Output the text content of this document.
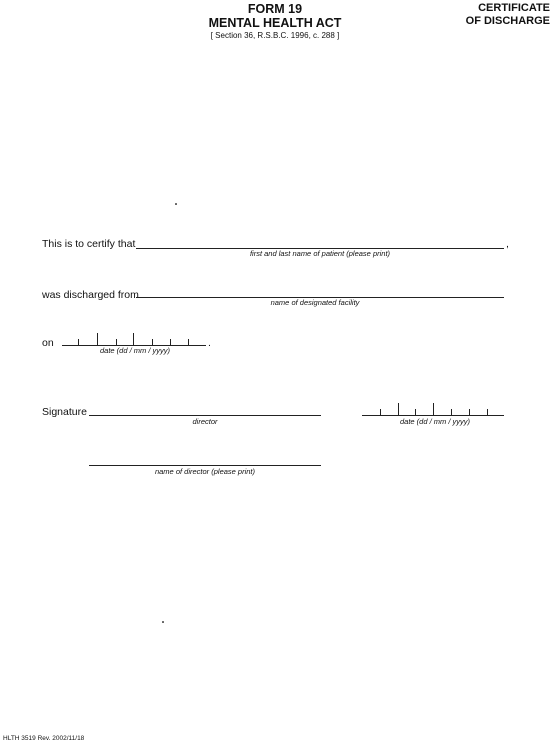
FORM 19
MENTAL HEALTH ACT
[ Section 36, R.S.B.C. 1996, c. 288 ]
CERTIFICATE
OF DISCHARGE
This is to certify that	,
first and last name of patient (please print)
was discharged from
name of designated facility
on	.
date (dd / mm / yyyy)
Signature
director	date (dd / mm / yyyy)
name of director (please print)
HLTH 3519 Rev. 2002/11/18
